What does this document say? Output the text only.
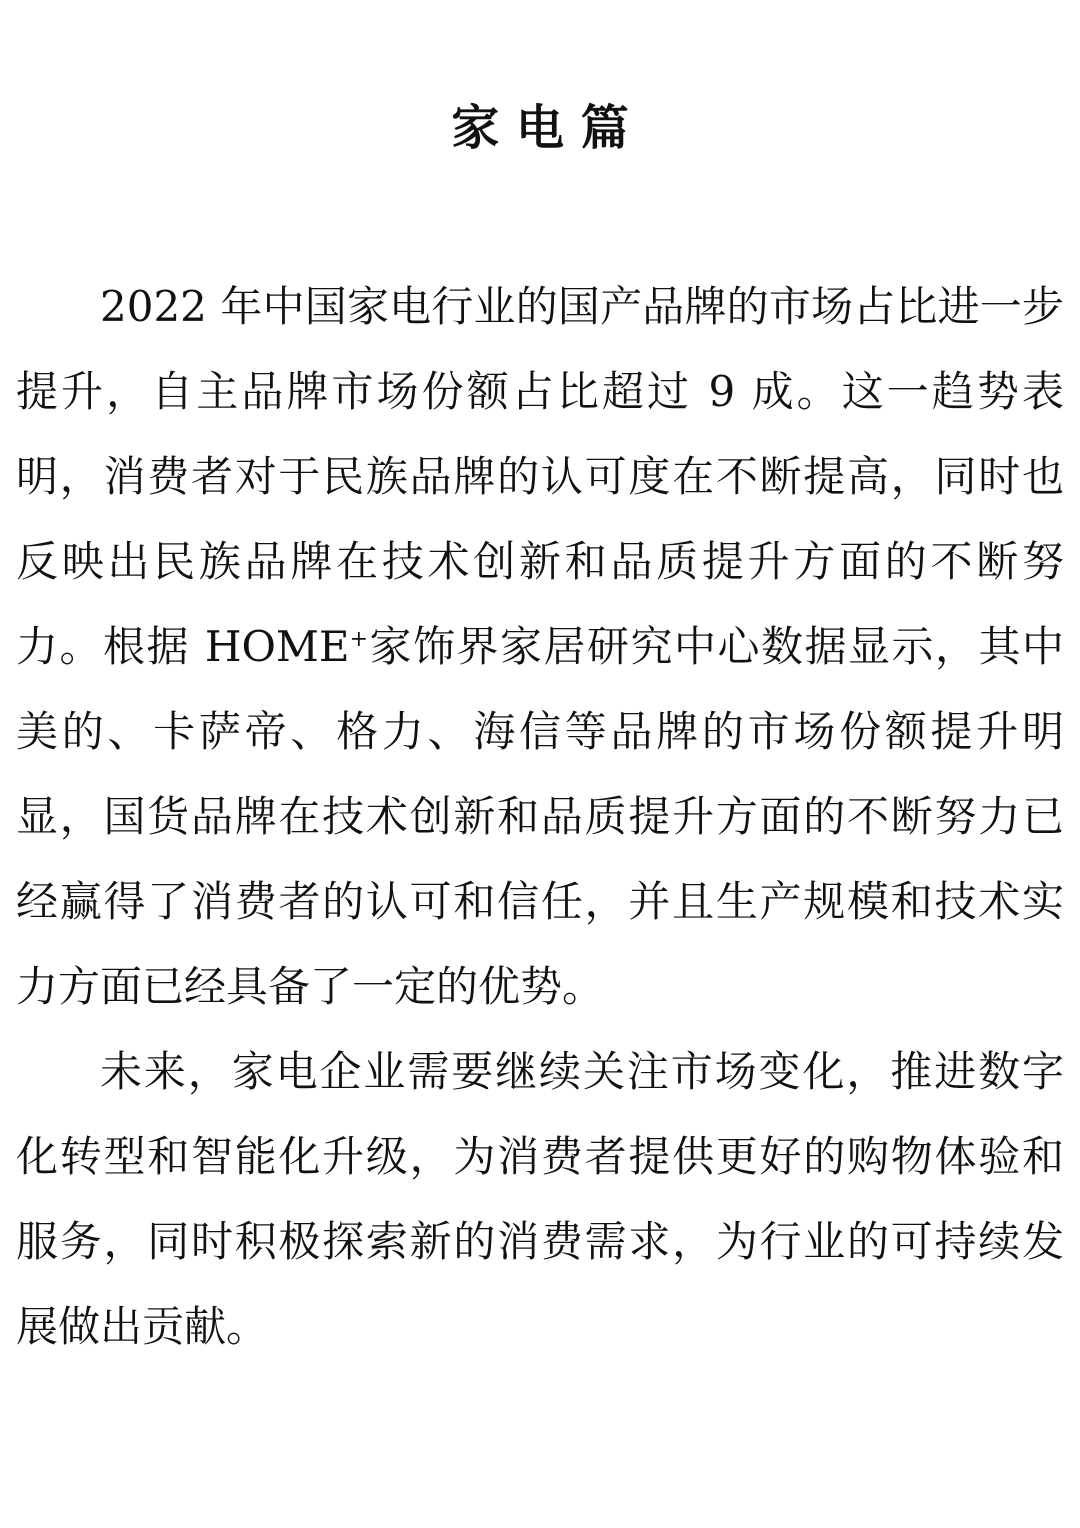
家 电 篇

2022 年中国家电行业的国产品牌的市场占比进一步提升，自主品牌市场份额占比超过 9 成。这一趋势表明，消费者对于民族品牌的认可度在不断提高，同时也反映出民族品牌在技术创新和品质提升方面的不断努力。根据 HOME+家饰界家居研究中心数据显示，其中美的、卡萨帝、格力、海信等品牌的市场份额提升明显，国货品牌在技术创新和品质提升方面的不断努力已经赢得了消费者的认可和信任，并且生产规模和技术实力方面已经具备了一定的优势。

未来，家电企业需要继续关注市场变化，推进数字化转型和智能化升级，为消费者提供更好的购物体验和服务，同时积极探索新的消费需求，为行业的可持续发展做出贡献。
